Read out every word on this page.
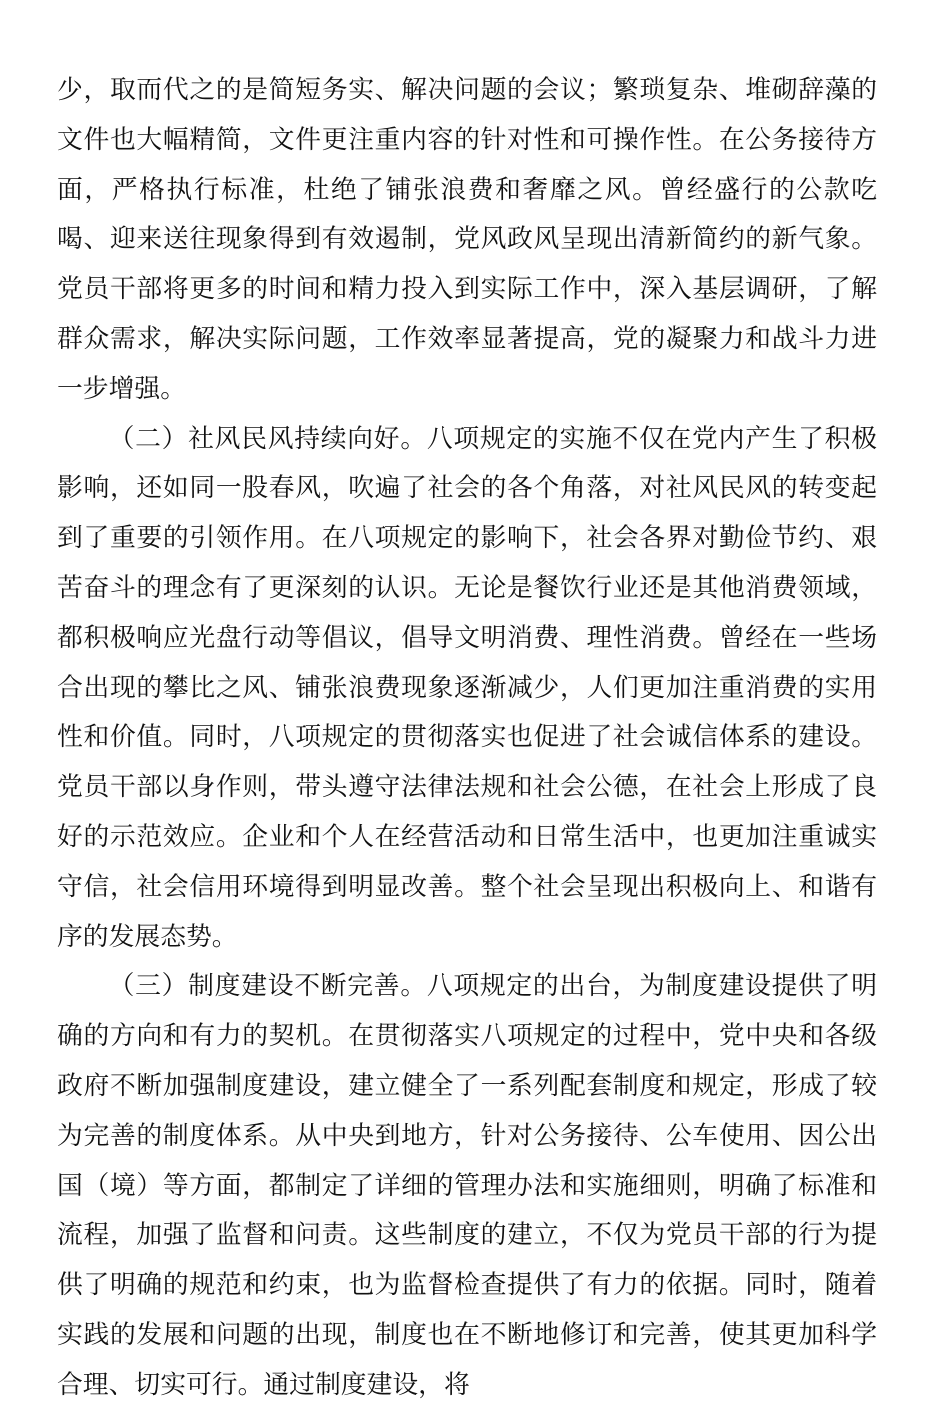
少，取而代之的是简短务实、解决问题的会议；繁琐复杂、堆砌辞藻的文件也大幅精简，文件更注重内容的针对性和可操作性。在公务接待方面，严格执行标准，杜绝了铺张浪费和奢靡之风。曾经盛行的公款吃喝、迎来送往现象得到有效遏制，党风政风呈现出清新简约的新气象。党员干部将更多的时间和精力投入到实际工作中，深入基层调研，了解群众需求，解决实际问题，工作效率显著提高，党的凝聚力和战斗力进一步增强。

（二）社风民风持续向好。八项规定的实施不仅在党内产生了积极影响，还如同一股春风，吹遍了社会的各个角落，对社风民风的转变起到了重要的引领作用。在八项规定的影响下，社会各界对勤俭节约、艰苦奋斗的理念有了更深刻的认识。无论是餐饮行业还是其他消费领域，都积极响应光盘行动等倡议，倡导文明消费、理性消费。曾经在一些场合出现的攀比之风、铺张浪费现象逐渐减少，人们更加注重消费的实用性和价值。同时，八项规定的贯彻落实也促进了社会诚信体系的建设。党员干部以身作则，带头遵守法律法规和社会公德，在社会上形成了良好的示范效应。企业和个人在经营活动和日常生活中，也更加注重诚实守信，社会信用环境得到明显改善。整个社会呈现出积极向上、和谐有序的发展态势。

（三）制度建设不断完善。八项规定的出台，为制度建设提供了明确的方向和有力的契机。在贯彻落实八项规定的过程中，党中央和各级政府不断加强制度建设，建立健全了一系列配套制度和规定，形成了较为完善的制度体系。从中央到地方，针对公务接待、公车使用、因公出国（境）等方面，都制定了详细的管理办法和实施细则，明确了标准和流程，加强了监督和问责。这些制度的建立，不仅为党员干部的行为提供了明确的规范和约束，也为监督检查提供了有力的依据。同时，随着实践的发展和问题的出现，制度也在不断地修订和完善，使其更加科学合理、切实可行。通过制度建设，将
